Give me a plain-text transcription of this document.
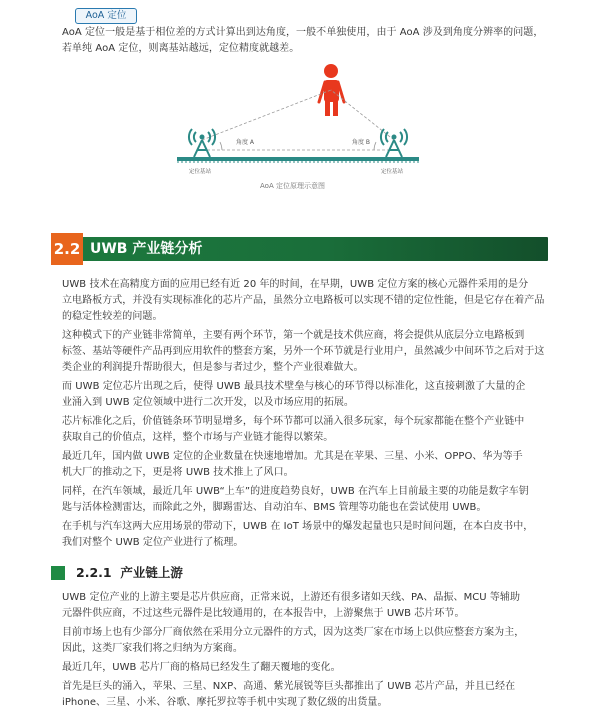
AoA 定位

AoA 定位一般是基于相位差的方式计算出到达角度，一般不单独使用，由于 AoA 涉及到角度分辨率的问题，

若单纯 AoA 定位，则离基站越远，定位精度就越差。

角度 A	角度 B
定位基站	定位基站
AoA 定位原理示意图
2.2 UWB 产业链分析

UWB 技术在高精度方面的应用已经有近 20 年的时间，在早期，UWB 定位方案的核心元器件采用的是分

立电路板方式，并没有实现标准化的芯片产品，虽然分立电路板可以实现不错的定位性能，但是它存在着产品

的稳定性较差的问题。

这种模式下的产业链非常简单，主要有两个环节，第一个就是技术供应商，将会提供从底层分立电路板到

标签、基站等硬件产品再到应用软件的整套方案，另外一个环节就是行业用户，虽然减少中间环节之后对于这

类企业的利润提升帮助很大，但是参与者过少，整个产业很难做大。

而 UWB 定位芯片出现之后，使得 UWB 最具技术壁垒与核心的环节得以标准化，这直接刺激了大量的企

业涌入到 UWB 定位领域中进行二次开发，以及市场应用的拓展。

芯片标准化之后，价值链条环节明显增多，每个环节都可以涌入很多玩家，每个玩家都能在整个产业链中

获取自己的价值点，这样，整个市场与产业链才能得以繁荣。

最近几年，国内做 UWB 定位的企业数量在快速地增加。尤其是在苹果、三星、小米、OPPO、华为等手

机大厂的推动之下，更是将 UWB 技术推上了风口。

同样，在汽车领域，最近几年 UWB“上车”的进度趋势良好，UWB 在汽车上目前最主要的功能是数字车钥

匙与活体检测雷达，而除此之外，脚踢雷达、自动泊车、BMS 管理等功能也在尝试使用 UWB。

在手机与汽车这两大应用场景的带动下，UWB 在 IoT 场景中的爆发起量也只是时间问题，在本白皮书中，

我们对整个 UWB 定位产业进行了梳理。

2.2.1 产业链上游

UWB 定位产业的上游主要是芯片供应商，正常来说，上游还有很多诸如天线、PA、晶振、MCU 等辅助

元器件供应商，不过这些元器件是比较通用的，在本报告中，上游聚焦于 UWB 芯片环节。

目前市场上也有少部分厂商依然在采用分立元器件的方式，因为这类厂家在市场上以供应整套方案为主，

因此，这类厂家我们将之归纳为方案商。

最近几年，UWB 芯片厂商的格局已经发生了翻天覆地的变化。

首先是巨头的涌入，苹果、三星、NXP、高通、紫光展锐等巨头都推出了 UWB 芯片产品，并且已经在

iPhone、三星、小米、谷歌、摩托罗拉等手机中实现了数亿级的出货量。
